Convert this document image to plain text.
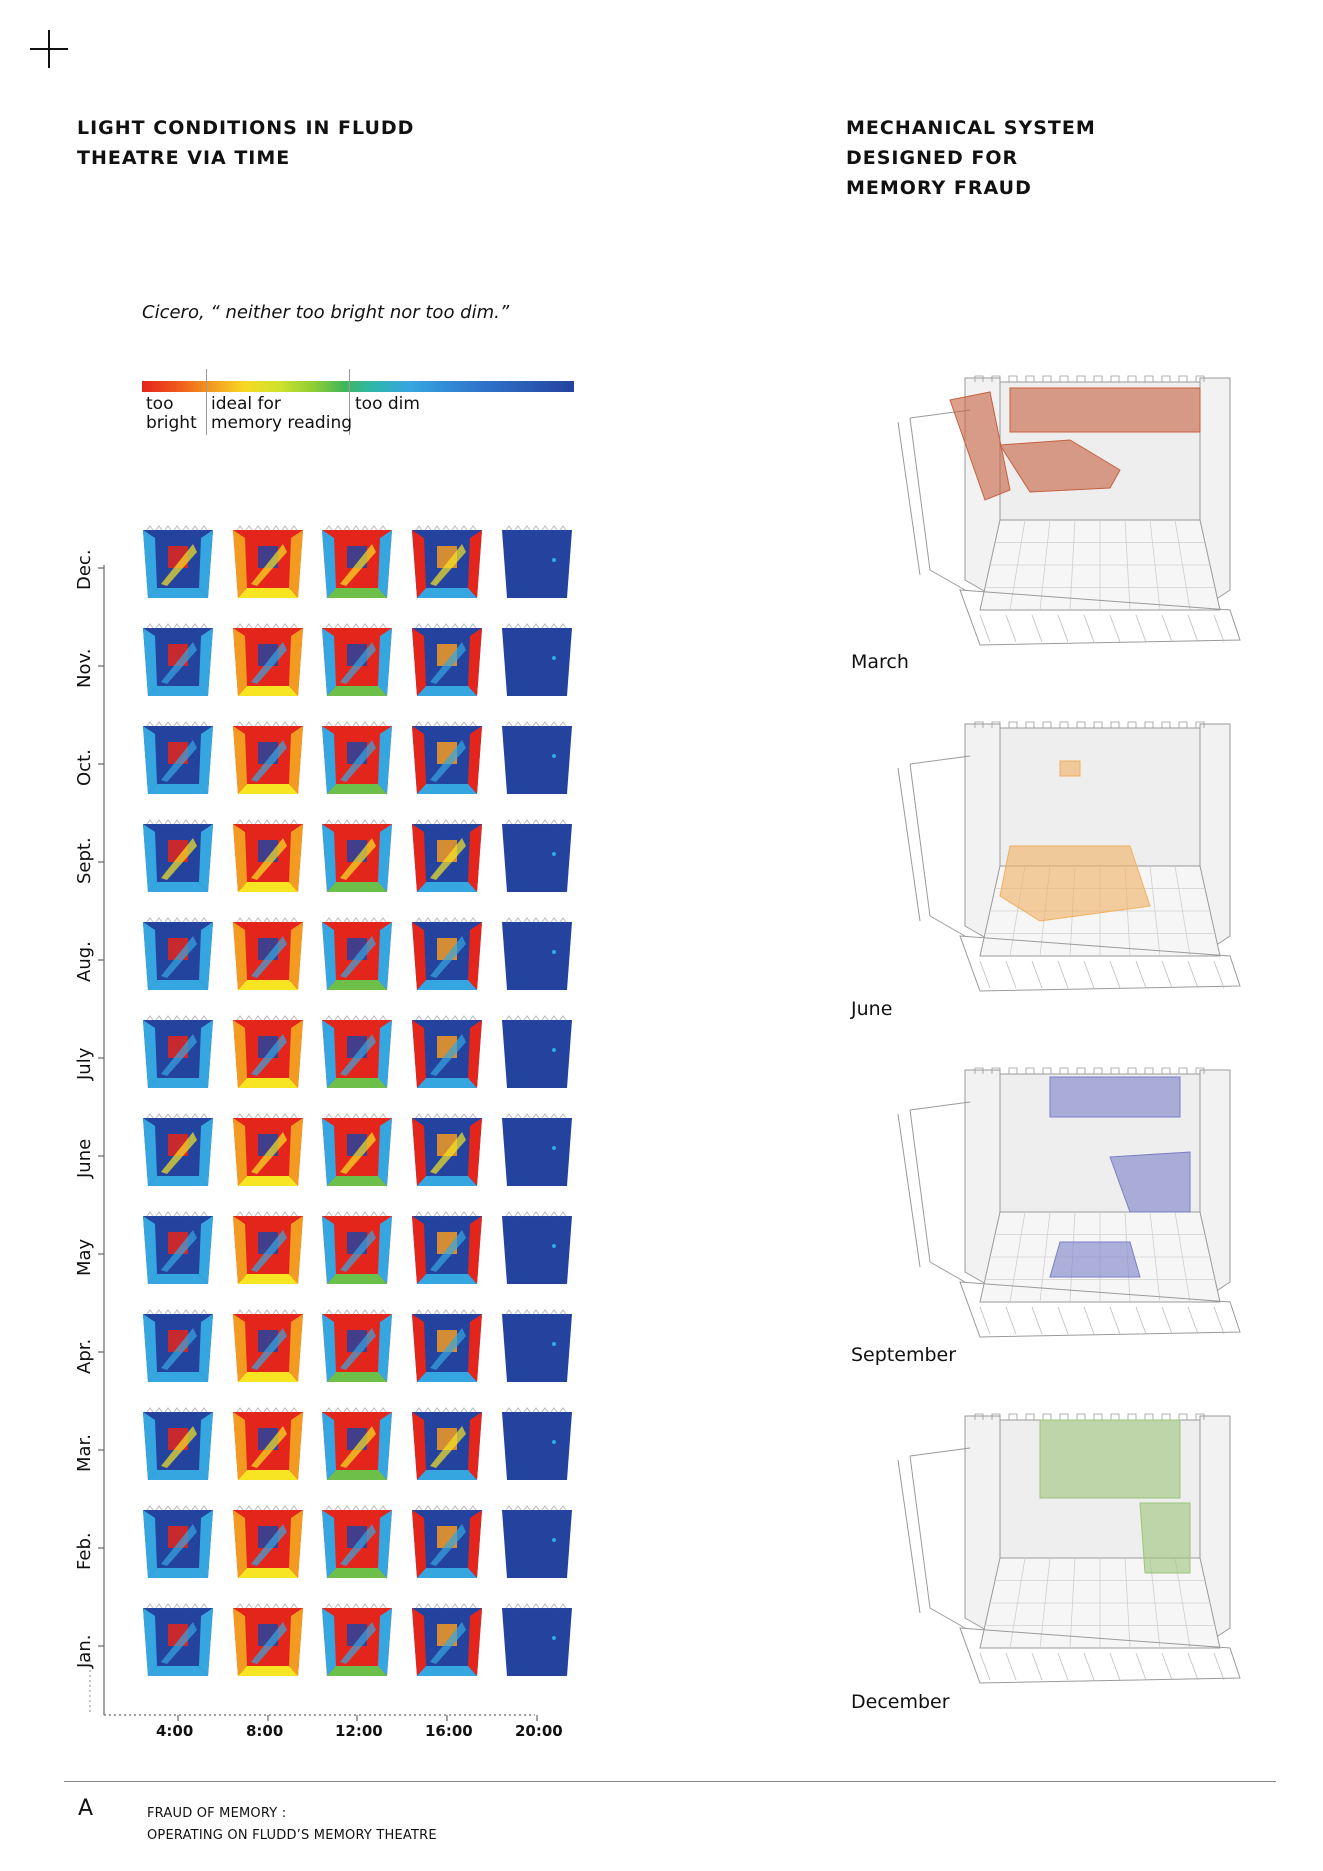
LIGHT CONDITIONS IN FLUDD
THEATRE VIA TIME
MECHANICAL SYSTEM
DESIGNED FOR
MEMORY FRAUD
Cicero, “ neither too bright nor too dim.”
too
bright
ideal for
memory reading
too dim
Dec.
Nov.
Oct.
Sept.
Aug.
July
June
May
Apr.
Mar.
Feb.
Jan.
4:00	8:00	12:00	16:00	20:00
March
June
September
December
A	FRAUD OF MEMORY :
OPERATING ON FLUDD’S MEMORY THEATRE
